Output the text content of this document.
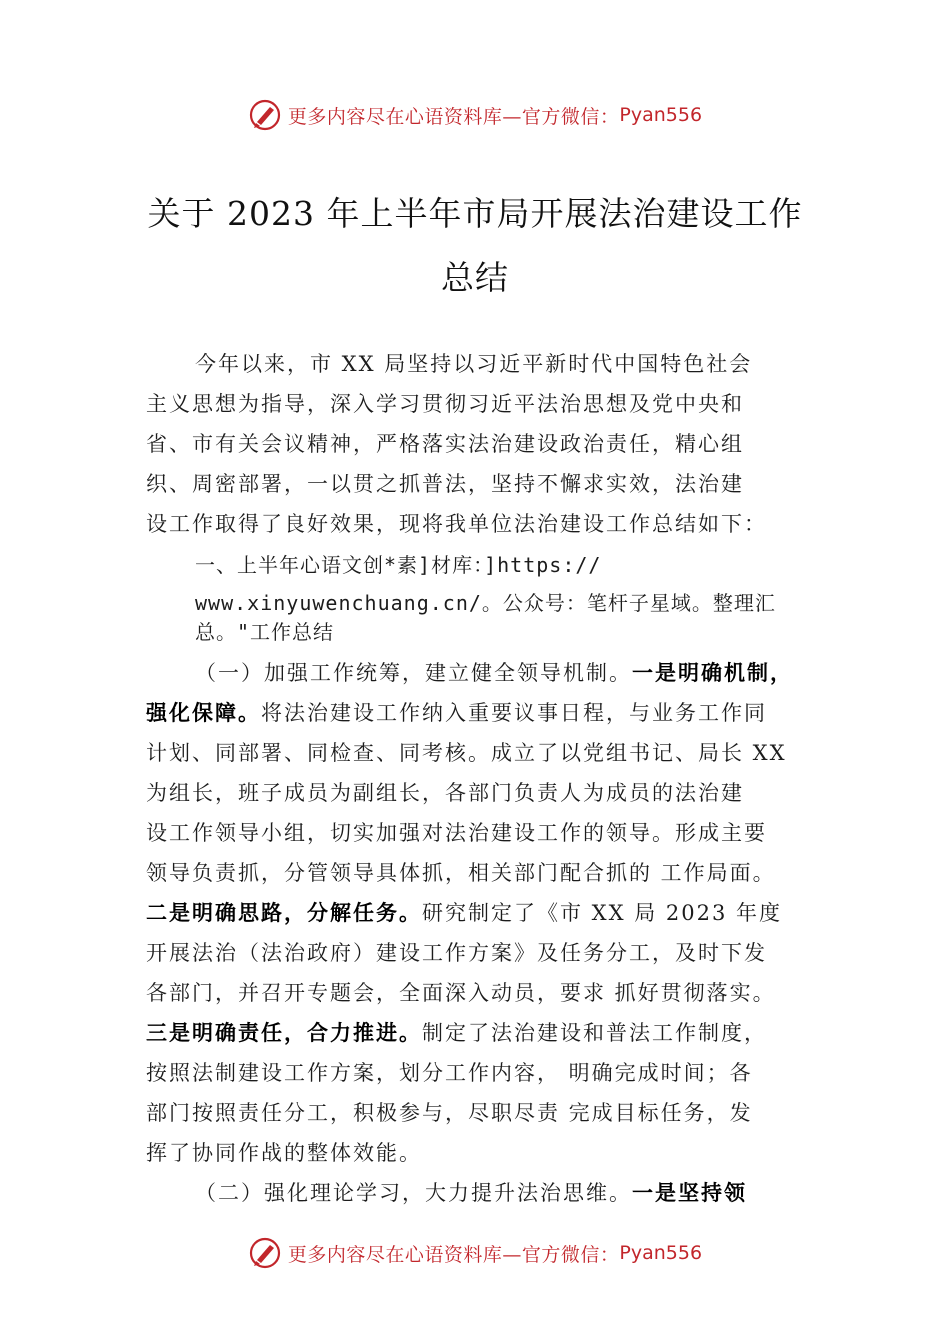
更多内容尽在心语资料库—官方微信： Pyan556
关于 2023 年上半年市局开展法治建设工作
总结
今年以来，市 XX 局坚持以习近平新时代中国特色社会
主义思想为指导，深入学习贯彻习近平法治思想及党中央和
省、市有关会议精神，严格落实法治建设政治责任，精心组
织、周密部署，一以贯之抓普法，坚持不懈求实效，法治建
设工作取得了良好效果，现将我单位法治建设工作总结如下：
一、上半年心语文创*素]材库：]https://
www.xinyuwenchuang.cn/。公众号：笔杆子星域。整理汇
总。"工作总结
（一）加强工作统筹，建立健全领导机制。一是明确机制，
强化保障。将法治建设工作纳入重要议事日程，与业务工作同
计划、同部署、同检查、同考核。成立了以党组书记、局长 XX
为组长，班子成员为副组长，各部门负责人为成员的法治建
设工作领导小组，切实加强对法治建设工作的领导。形成主要
领导负责抓，分管领导具体抓，相关部门配合抓的 工作局面。
二是明确思路，分解任务。研究制定了《市 XX 局 2023 年度
开展法治（法治政府）建设工作方案》及任务分工，及时下发
各部门，并召开专题会，全面深入动员，要求 抓好贯彻落实。
三是明确责任，合力推进。制定了法治建设和普法工作制度，
按照法制建设工作方案，划分工作内容， 明确完成时间；各
部门按照责任分工，积极参与，尽职尽责 完成目标任务，发
挥了协同作战的整体效能。
（二）强化理论学习，大力提升法治思维。一是坚持领
更多内容尽在心语资料库—官方微信： Pyan556
